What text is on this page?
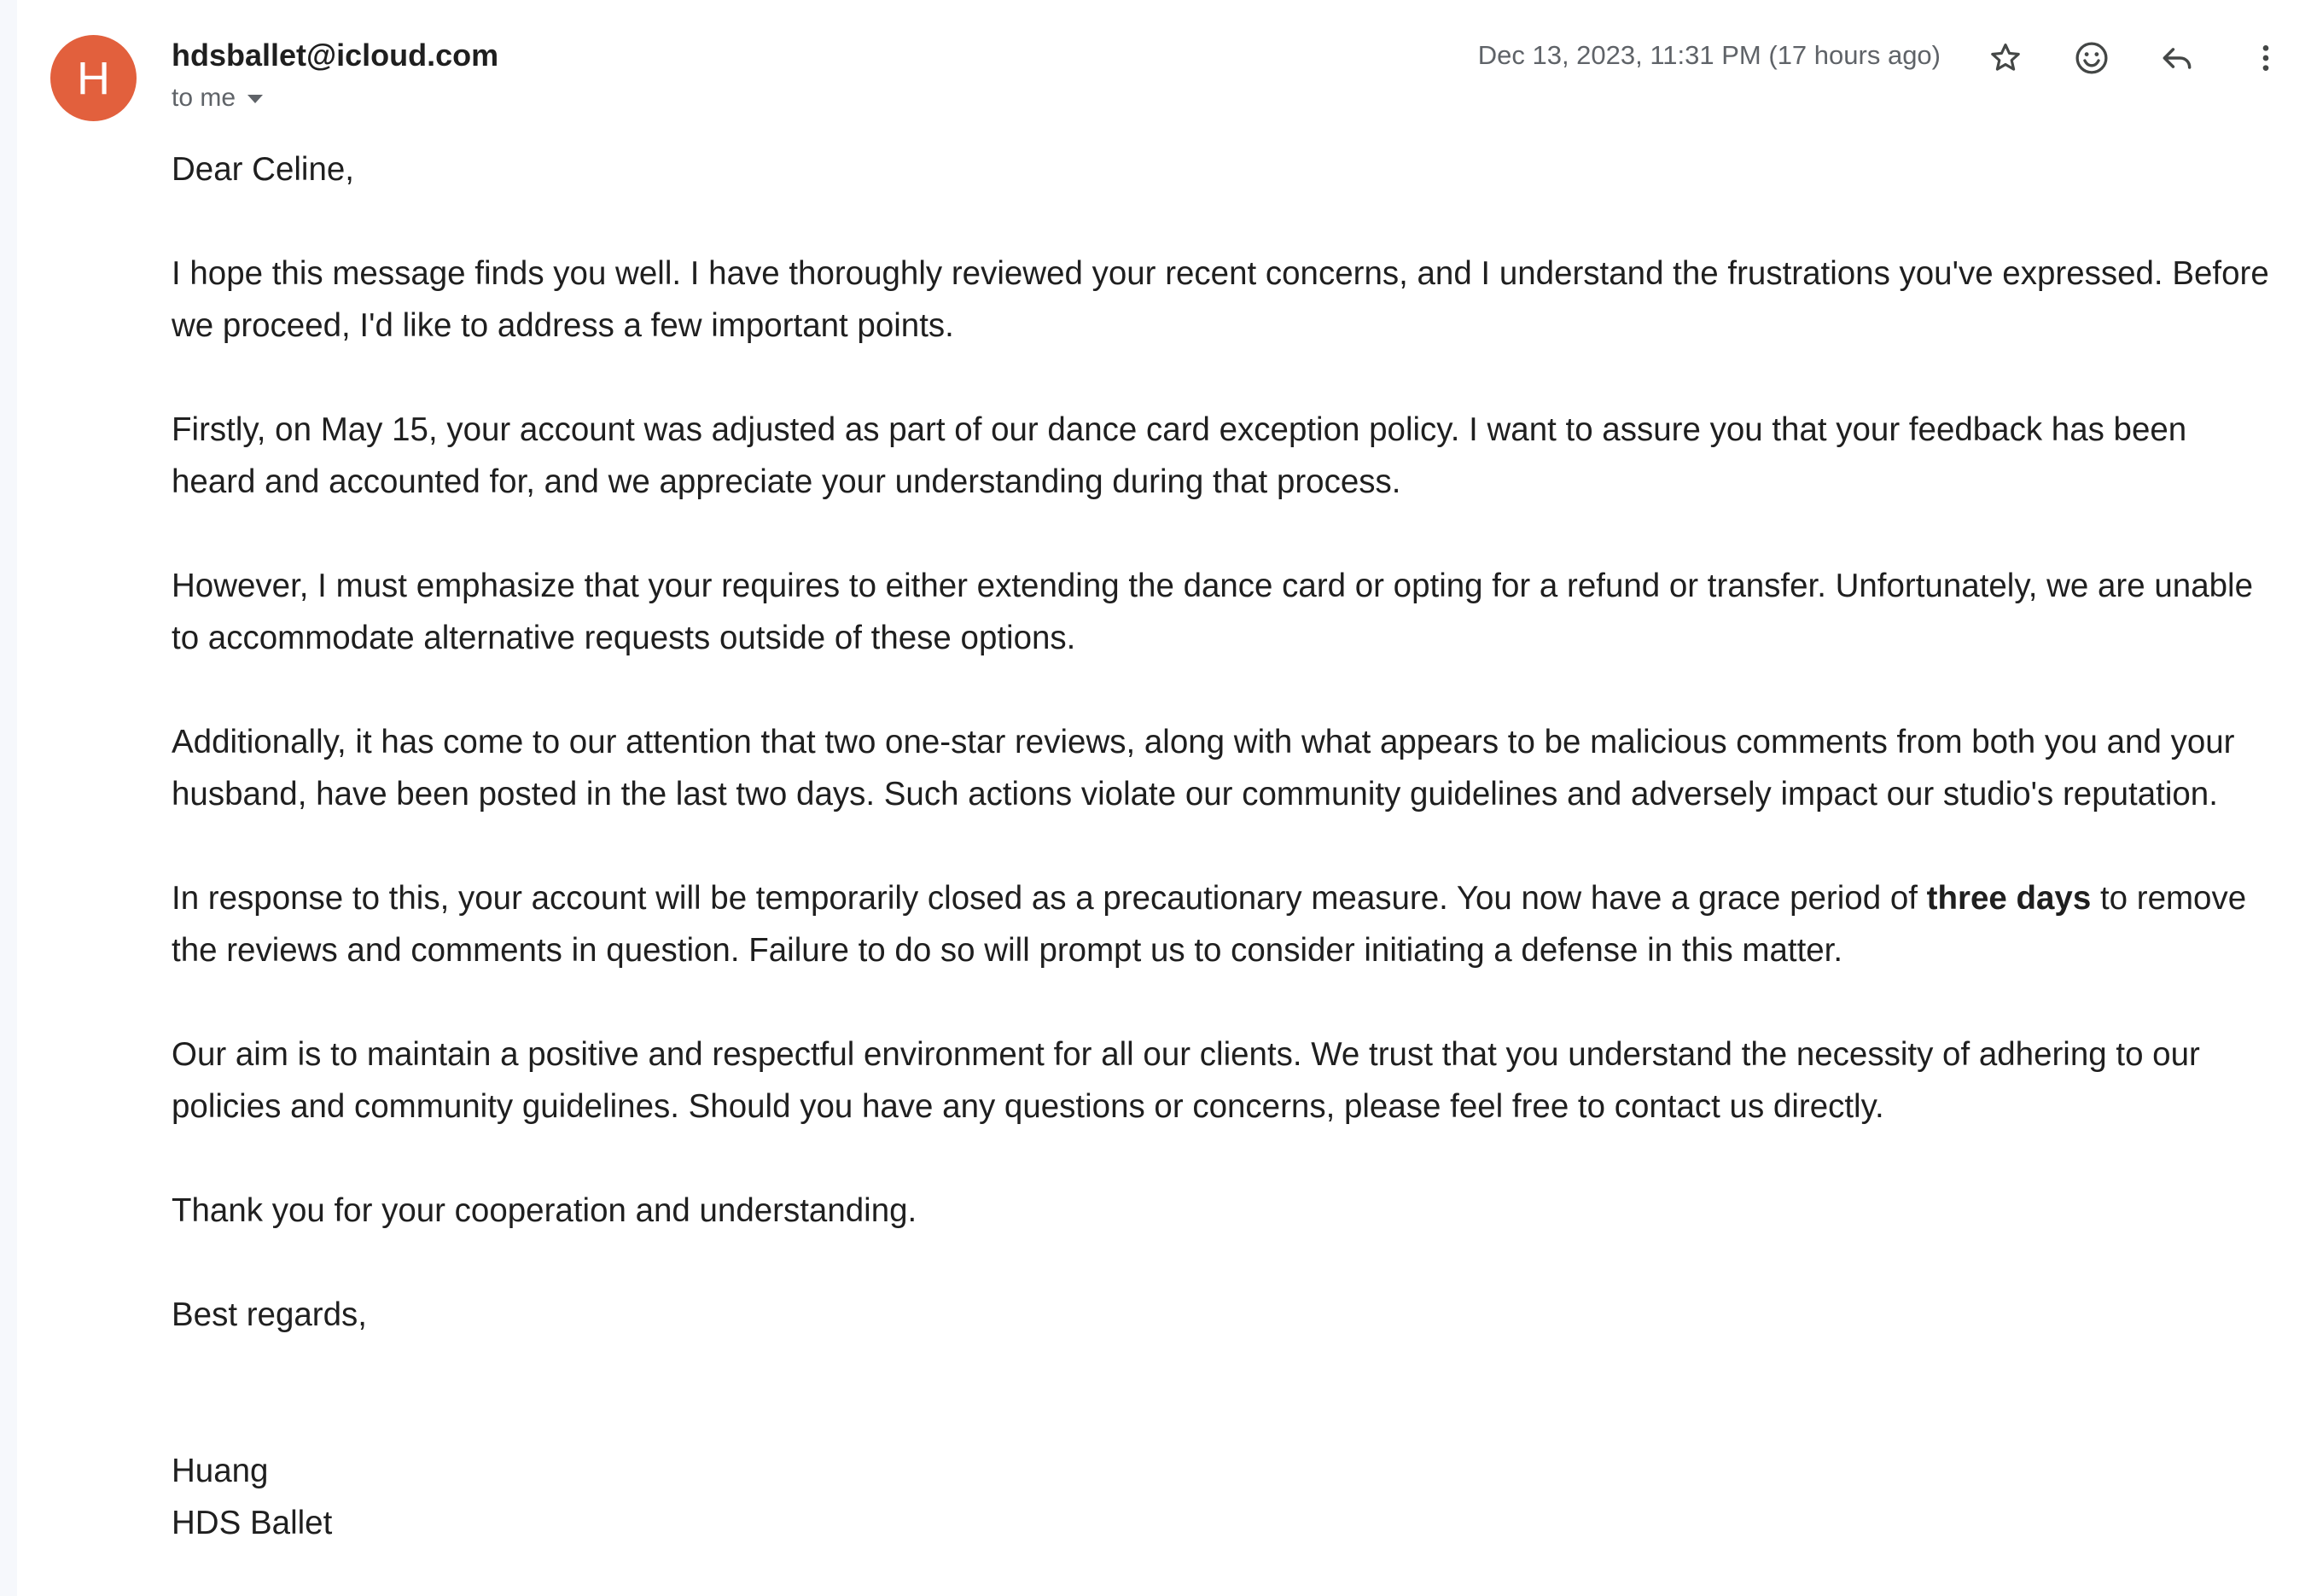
H hdsballet@icloud.com
to me
Dec 13, 2023, 11:31 PM (17 hours ago)

Dear Celine,

I hope this message finds you well. I have thoroughly reviewed your recent concerns, and I understand the frustrations you've expressed. Before we proceed, I'd like to address a few important points.

Firstly, on May 15, your account was adjusted as part of our dance card exception policy. I want to assure you that your feedback has been heard and accounted for, and we appreciate your understanding during that process.

However, I must emphasize that your requires to either extending the dance card or opting for a refund or transfer. Unfortunately, we are unable to accommodate alternative requests outside of these options.

Additionally, it has come to our attention that two one-star reviews, along with what appears to be malicious comments from both you and your husband, have been posted in the last two days. Such actions violate our community guidelines and adversely impact our studio's reputation.

In response to this, your account will be temporarily closed as a precautionary measure. You now have a grace period of three days to remove the reviews and comments in question. Failure to do so will prompt us to consider initiating a defense in this matter.

Our aim is to maintain a positive and respectful environment for all our clients. We trust that you understand the necessity of adhering to our policies and community guidelines. Should you have any questions or concerns, please feel free to contact us directly.

Thank you for your cooperation and understanding.

Best regards,

Huang

HDS Ballet
